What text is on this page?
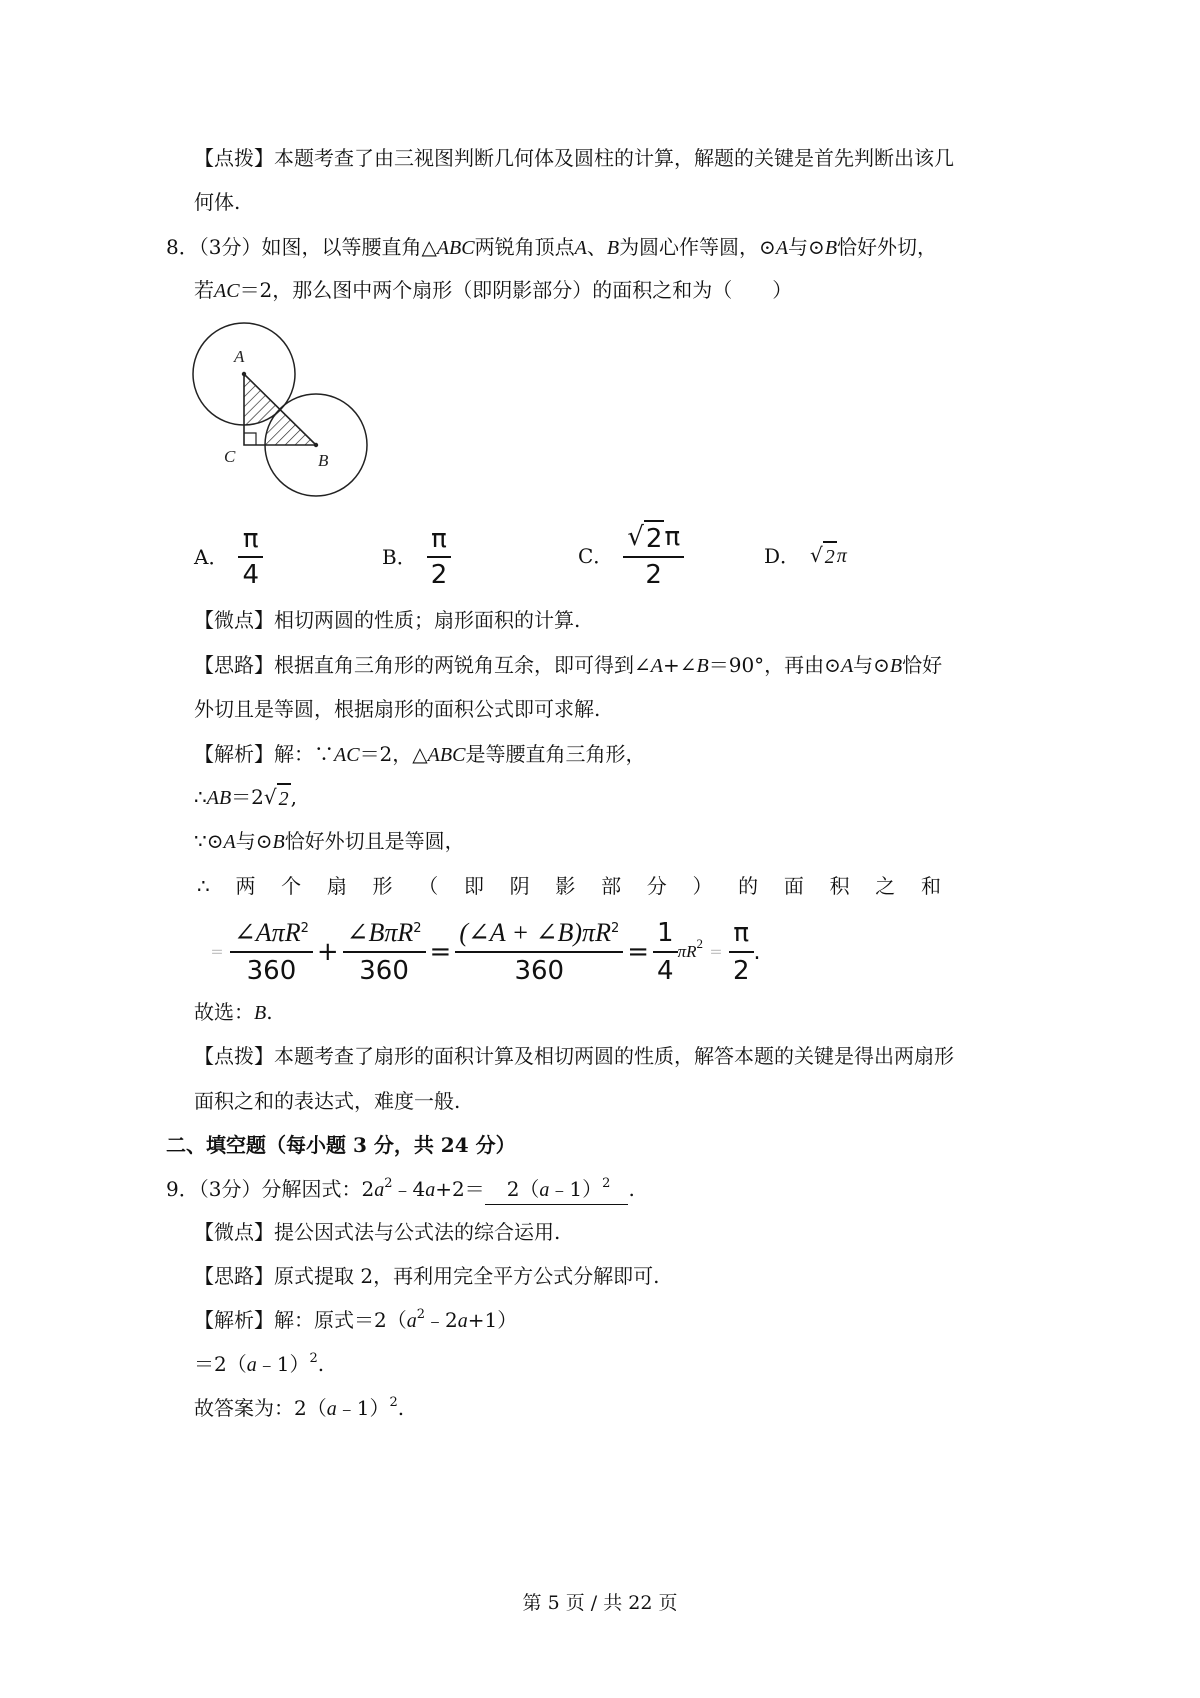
【点拨】本题考查了由三视图判断几何体及圆柱的计算，解题的关键是首先判断出该几
何体.
8．（3分）如图，以等腰直角△ABC两锐角顶点A、B为圆心作等圆，⊙A与⊙B恰好外切，
若AC＝2，那么图中两个扇形（即阴影部分）的面积之和为（　　）
A
C	B
A． $\frac{\pi}{4}$	B． $\frac{\pi}{2}$	C． $\frac{√ 2 \pi}{2}$	D． √ 2 π
【微点】相切两圆的性质；扇形面积的计算.
【思路】根据直角三角形的两锐角互余，即可得到∠A+∠B＝90°，再由⊙A与⊙B恰好
外切且是等圆，根据扇形的面积公式即可求解.
【解析】解：∵AC＝2，△ABC是等腰直角三角形，
∴AB＝2 √ 2 ,
∵⊙A与⊙B恰好外切且是等圆，
∴ 两 个 扇 形 （ 即 阴 影 部 分 ） 的 面 积 之 和
＝ $\frac{\angle A\pi R^2}{360} + \frac{\angle B\pi R^2}{360} = \frac{(\angle A + \angle B)\pi R^2}{360} = \frac{1}{4} \pi R^2$
＝ $\frac{\pi}{2}$ .
故选：B.
【点拨】本题考查了扇形的面积计算及相切两圆的性质，解答本题的关键是得出两扇形
面积之和的表达式，难度一般.
二、填空题（每小题 3 分，共 24 分）
9．（3分）分解因式：$2a^2﹣4a+2=$ 2（a﹣1）$^2$ .
【微点】提公因式法与公式法的综合运用.
【思路】原式提取 2，再利用完全平方公式分解即可.
【解析】解：原式$=2(a^2﹣2a+1)$
＝2（a﹣1）$^2$.
故答案为：2（a﹣1）$^2$.
第 5 页 / 共 22 页
